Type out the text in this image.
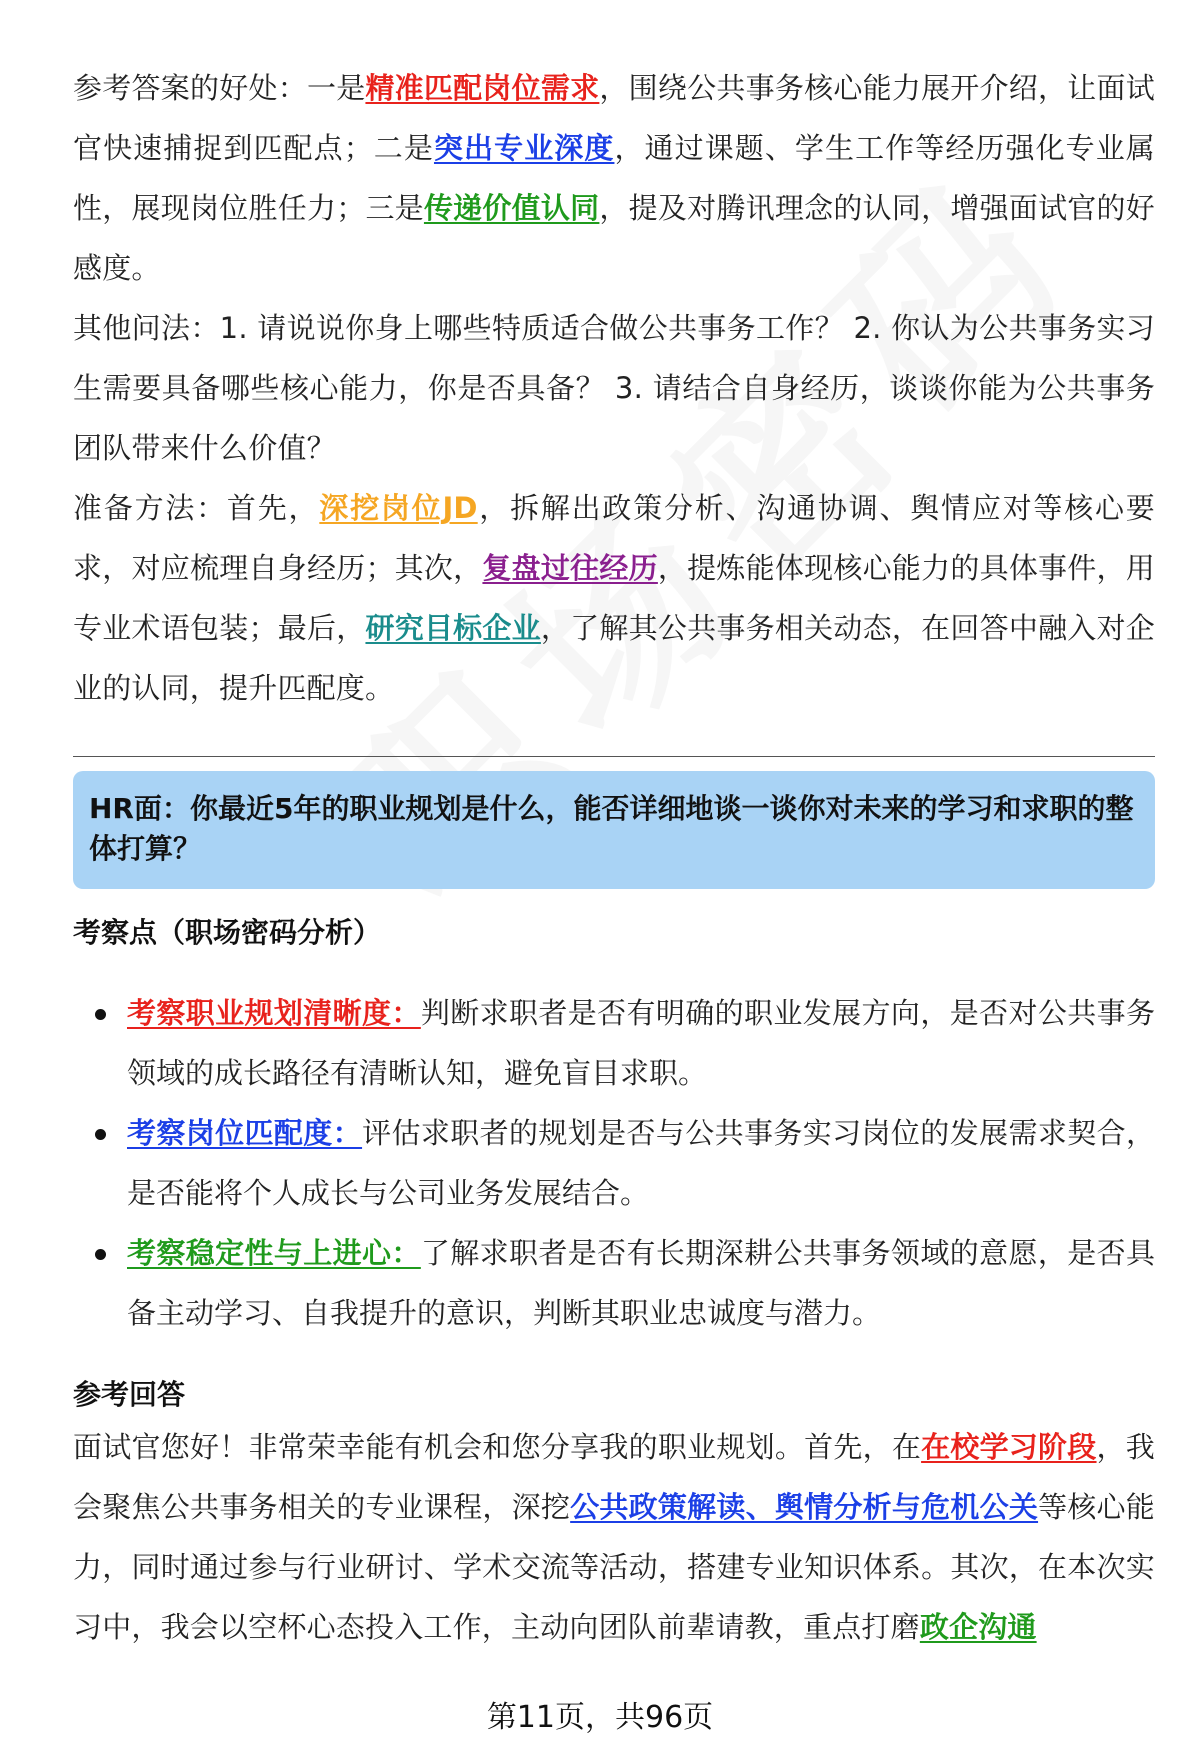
参考答案的好处：一是精准匹配岗位需求，围绕公共事务核心能力展开介绍，让面试官快速捕捉到匹配点；二是突出专业深度，通过课题、学生工作等经历强化专业属性，展现岗位胜任力；三是传递价值认同，提及对腾讯理念的认同，增强面试官的好感度。

其他问法：1. 请说说你身上哪些特质适合做公共事务工作？ 2. 你认为公共事务实习生需要具备哪些核心能力，你是否具备？ 3. 请结合自身经历，谈谈你能为公共事务团队带来什么价值？

准备方法：首先，深挖岗位JD，拆解出政策分析、沟通协调、舆情应对等核心要求，对应梳理自身经历；其次，复盘过往经历，提炼能体现核心能力的具体事件，用专业术语包装；最后，研究目标企业，了解其公共事务相关动态，在回答中融入对企业的认同，提升匹配度。

HR面：你最近5年的职业规划是什么，能否详细地谈一谈你对未来的学习和求职的整体打算？
考察点（职场密码分析）
考察职业规划清晰度：判断求职者是否有明确的职业发展方向，是否对公共事务领域的成长路径有清晰认知，避免盲目求职。
考察岗位匹配度：评估求职者的规划是否与公共事务实习岗位的发展需求契合，是否能将个人成长与公司业务发展结合。
考察稳定性与上进心：了解求职者是否有长期深耕公共事务领域的意愿，是否具备主动学习、自我提升的意识，判断其职业忠诚度与潜力。
参考回答

面试官您好！非常荣幸能有机会和您分享我的职业规划。首先，在在校学习阶段，我会聚焦公共事务相关的专业课程，深挖公共政策解读、舆情分析与危机公关等核心能力，同时通过参与行业研讨、学术交流等活动，搭建专业知识体系。其次，在本次实习中，我会以空杯心态投入工作，主动向团队前辈请教，重点打磨政企沟通

第11页，共96页
